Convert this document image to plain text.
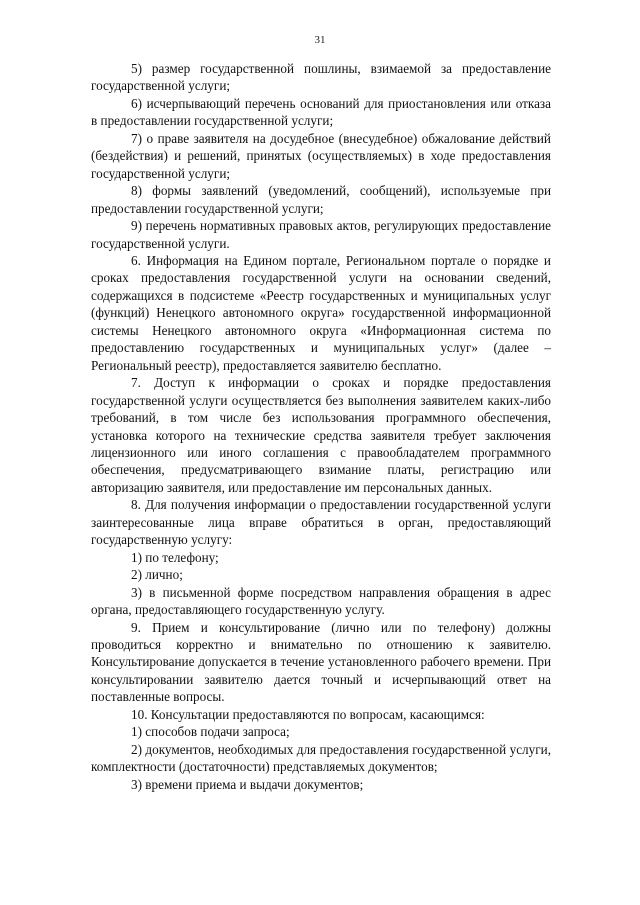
31

5) размер государственной пошлины, взимаемой за предоставление государственной услуги;

6) исчерпывающий перечень оснований для приостановления или отказа в предоставлении государственной услуги;

7) о праве заявителя на досудебное (внесудебное) обжалование действий (бездействия) и решений, принятых (осуществляемых) в ходе предоставления государственной услуги;

8) формы заявлений (уведомлений, сообщений), используемые при предоставлении государственной услуги;

9) перечень нормативных правовых актов, регулирующих предоставление государственной услуги.

6. Информация на Едином портале, Региональном портале о порядке и сроках предоставления государственной услуги на основании сведений, содержащихся в подсистеме «Реестр государственных и муниципальных услуг (функций) Ненецкого автономного округа» государственной информационной системы Ненецкого автономного округа «Информационная система по предоставлению государственных и муниципальных услуг» (далее – Региональный реестр), предоставляется заявителю бесплатно.

7. Доступ к информации о сроках и порядке предоставления государственной услуги осуществляется без выполнения заявителем каких-либо требований, в том числе без использования программного обеспечения, установка которого на технические средства заявителя требует заключения лицензионного или иного соглашения с правообладателем программного обеспечения, предусматривающего взимание платы, регистрацию или авторизацию заявителя, или предоставление им персональных данных.

8. Для получения информации о предоставлении государственной услуги заинтересованные лица вправе обратиться в орган, предоставляющий государственную услугу:

1) по телефону;

2) лично;

3) в письменной форме посредством направления обращения в адрес органа, предоставляющего государственную услугу.

9. Прием и консультирование (лично или по телефону) должны проводиться корректно и внимательно по отношению к заявителю. Консультирование допускается в течение установленного рабочего времени. При консультировании заявителю дается точный и исчерпывающий ответ на поставленные вопросы.

10. Консультации предоставляются по вопросам, касающимся:

1) способов подачи запроса;

2) документов, необходимых для предоставления государственной услуги, комплектности (достаточности) представляемых документов;

3) времени приема и выдачи документов;
